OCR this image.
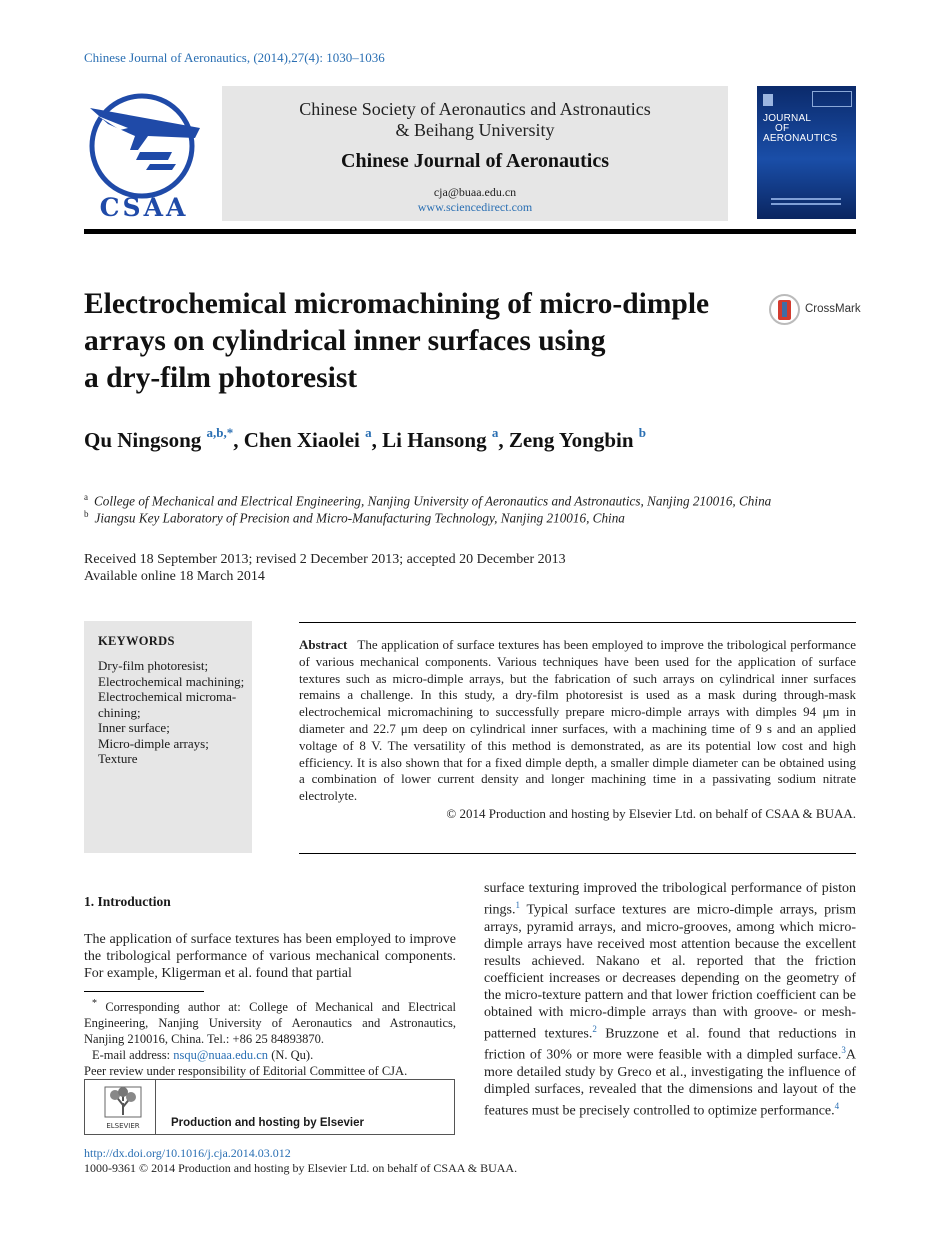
Chinese Journal of Aeronautics, (2014),27(4): 1030–1036
CSAA
Chinese Society of Aeronautics and Astronautics
& Beihang University
Chinese Journal of Aeronautics
cja@buaa.edu.cn
www.sciencedirect.com
JOURNAL
OF
AERONAUTICS
Electrochemical micromachining of micro-dimple
arrays on cylindrical inner surfaces using
a dry-film photoresist
CrossMark
Qu Ningsong $^{a,b,*}$, Chen Xiaolei $^a$, Li Hansong $^a$, Zeng Yongbin $^b$
$^a$ College of Mechanical and Electrical Engineering, Nanjing University of Aeronautics and Astronautics, Nanjing 210016, China
$^b$ Jiangsu Key Laboratory of Precision and Micro-Manufacturing Technology, Nanjing 210016, China
Received 18 September 2013; revised 2 December 2013; accepted 20 December 2013
Available online 18 March 2014
KEYWORDS
Dry-film photoresist;
Electrochemical machining;
Electrochemical microma-
chining;
Inner surface;
Micro-dimple arrays;
Texture
Abstract The application of surface textures has been employed to improve the tribological performance of various mechanical components. Various techniques have been used for the application of surface textures such as micro-dimple arrays, but the fabrication of such arrays on cylindrical inner surfaces remains a challenge. In this study, a dry-film photoresist is used as a mask during through-mask electrochemical micromachining to successfully prepare micro-dimple arrays with dimples 94 μm in diameter and 22.7 μm deep on cylindrical inner surfaces, with a machining time of 9 s and an applied voltage of 8 V. The versatility of this method is demonstrated, as are its potential low cost and high efficiency. It is also shown that for a fixed dimple depth, a smaller dimple diameter can be obtained using a combination of lower current density and longer machining time in a passivating sodium nitrate electrolyte.
© 2014 Production and hosting by Elsevier Ltd. on behalf of CSAA & BUAA.
1. Introduction
The application of surface textures has been employed to improve the tribological performance of various mechanical components. For example, Kligerman et al. found that partial
* Corresponding author at: College of Mechanical and Electrical Engineering, Nanjing University of Aeronautics and Astronautics, Nanjing 210016, China. Tel.: +86 25 84893870.
E-mail address: nsqu@nuaa.edu.cn (N. Qu).
Peer review under responsibility of Editorial Committee of CJA.
ELSEVIER	Production and hosting by Elsevier
surface texturing improved the tribological performance of piston rings.$^1$ Typical surface textures are micro-dimple arrays, prism arrays, pyramid arrays, and micro-grooves, among which micro-dimple arrays have received most attention because the excellent results achieved. Nakano et al. reported that the friction coefficient increases or decreases depending on the geometry of the micro-texture pattern and that lower friction coefficient can be obtained with micro-dimple arrays than with groove- or mesh-patterned textures.$^2$ Bruzzone et al. found that reductions in friction of 30% or more were feasible with a dimpled surface.$^3$A more detailed study by Greco et al., investigating the influence of dimpled surfaces, revealed that the dimensions and layout of the features must be precisely controlled to optimize performance.$^4$
http://dx.doi.org/10.1016/j.cja.2014.03.012
1000-9361 © 2014 Production and hosting by Elsevier Ltd. on behalf of CSAA & BUAA.
